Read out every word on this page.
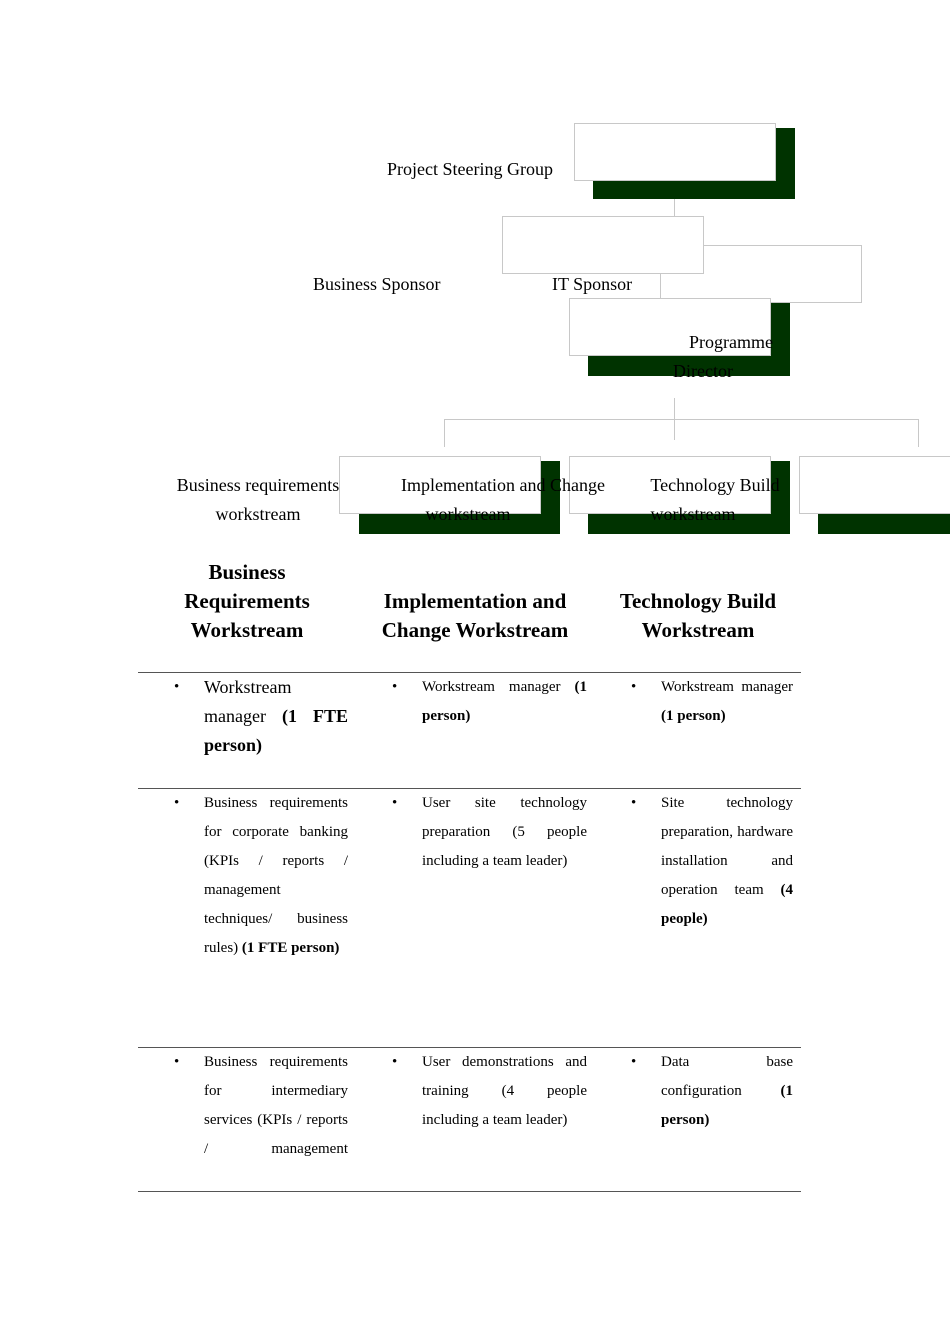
Project Steering Group
Business Sponsor	IT Sponsor
Programme
Director
Business requirements
workstream
Implementation and Change
workstream
Technology Build
workstream
Business
Requirements
Workstream
Implementation and
Change Workstream
Technology Build
Workstream
• Workstream manager (1 FTE person)
• Workstream manager (1 person)
• Workstream manager (1 person)
• Business requirements for corporate banking (KPIs / reports / management techniques/ business rules) (1 FTE person)
• User site technology preparation (5 people including a team leader)
• Site technology preparation, hardware installation and operation team (4 people)
• Business requirements for intermediary services (KPIs / reports / management
• User demonstrations and training (4 people including a team leader)
• Data base configuration (1 person)
